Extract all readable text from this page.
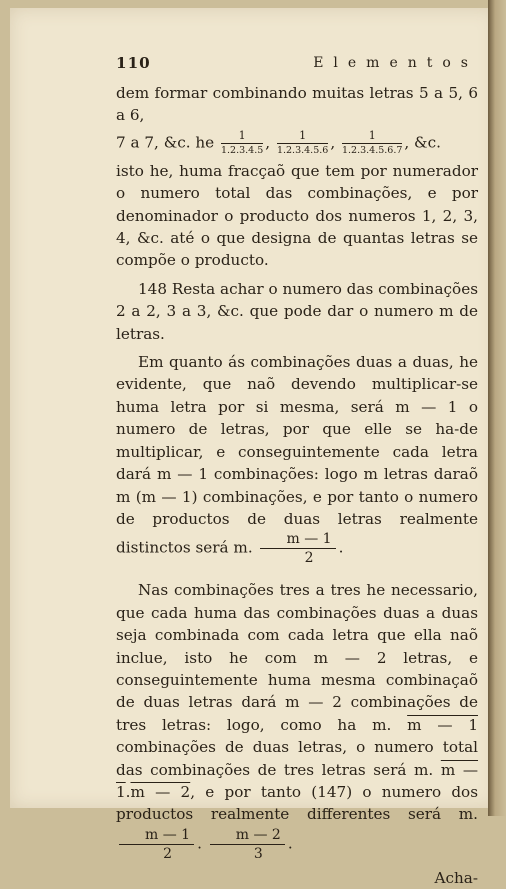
110	Elementos

dem formar combinando muitas letras 5 a 5, 6 a 6,

7 a 7, &c. he $\frac{1}{1.2.3.4.5}$ , $\frac{1}{1.2.3.4.5.6}$ , $\frac{1}{1.2.3.4.5.6.7}$ , &c.

isto he, huma fracçaõ que tem por numerador o numero total das combinações, e por denominador o producto dos numeros 1, 2, 3, 4, &c. até o que designa de quantas letras se compõe o producto.

148 Resta achar o numero das combinações 2 a 2, 3 a 3, &c. que pode dar o numero m de letras.

Em quanto ás combinações duas a duas, he evidente, que naõ devendo multiplicar-se huma letra por si mesma, será m — 1 o numero de letras, por que elle se ha-de multiplicar, e conseguintemente cada letra dará m — 1 combinações: logo m letras daraõ m (m — 1) combinações, e por tanto o numero de productos de duas letras realmente distinctos será m. $\frac{m — 1}{2}$ .

Nas combinações tres a tres he necessario, que cada huma das combinações duas a duas seja combinada com cada letra que ella naõ inclue, isto he com m — 2 letras, e conseguintemente huma mesma combinaçaõ de duas letras dará m — 2 combinações de tres letras: logo, como ha m. m — 1 combinações de duas letras, o numero total das combinações de tres letras será m. m — 1.m — 2, e por tanto (147) o numero dos productos realmente differentes será m.
$\frac{m — 1}{2}$ . $\frac{m — 2}{3}$ .

Acha-
